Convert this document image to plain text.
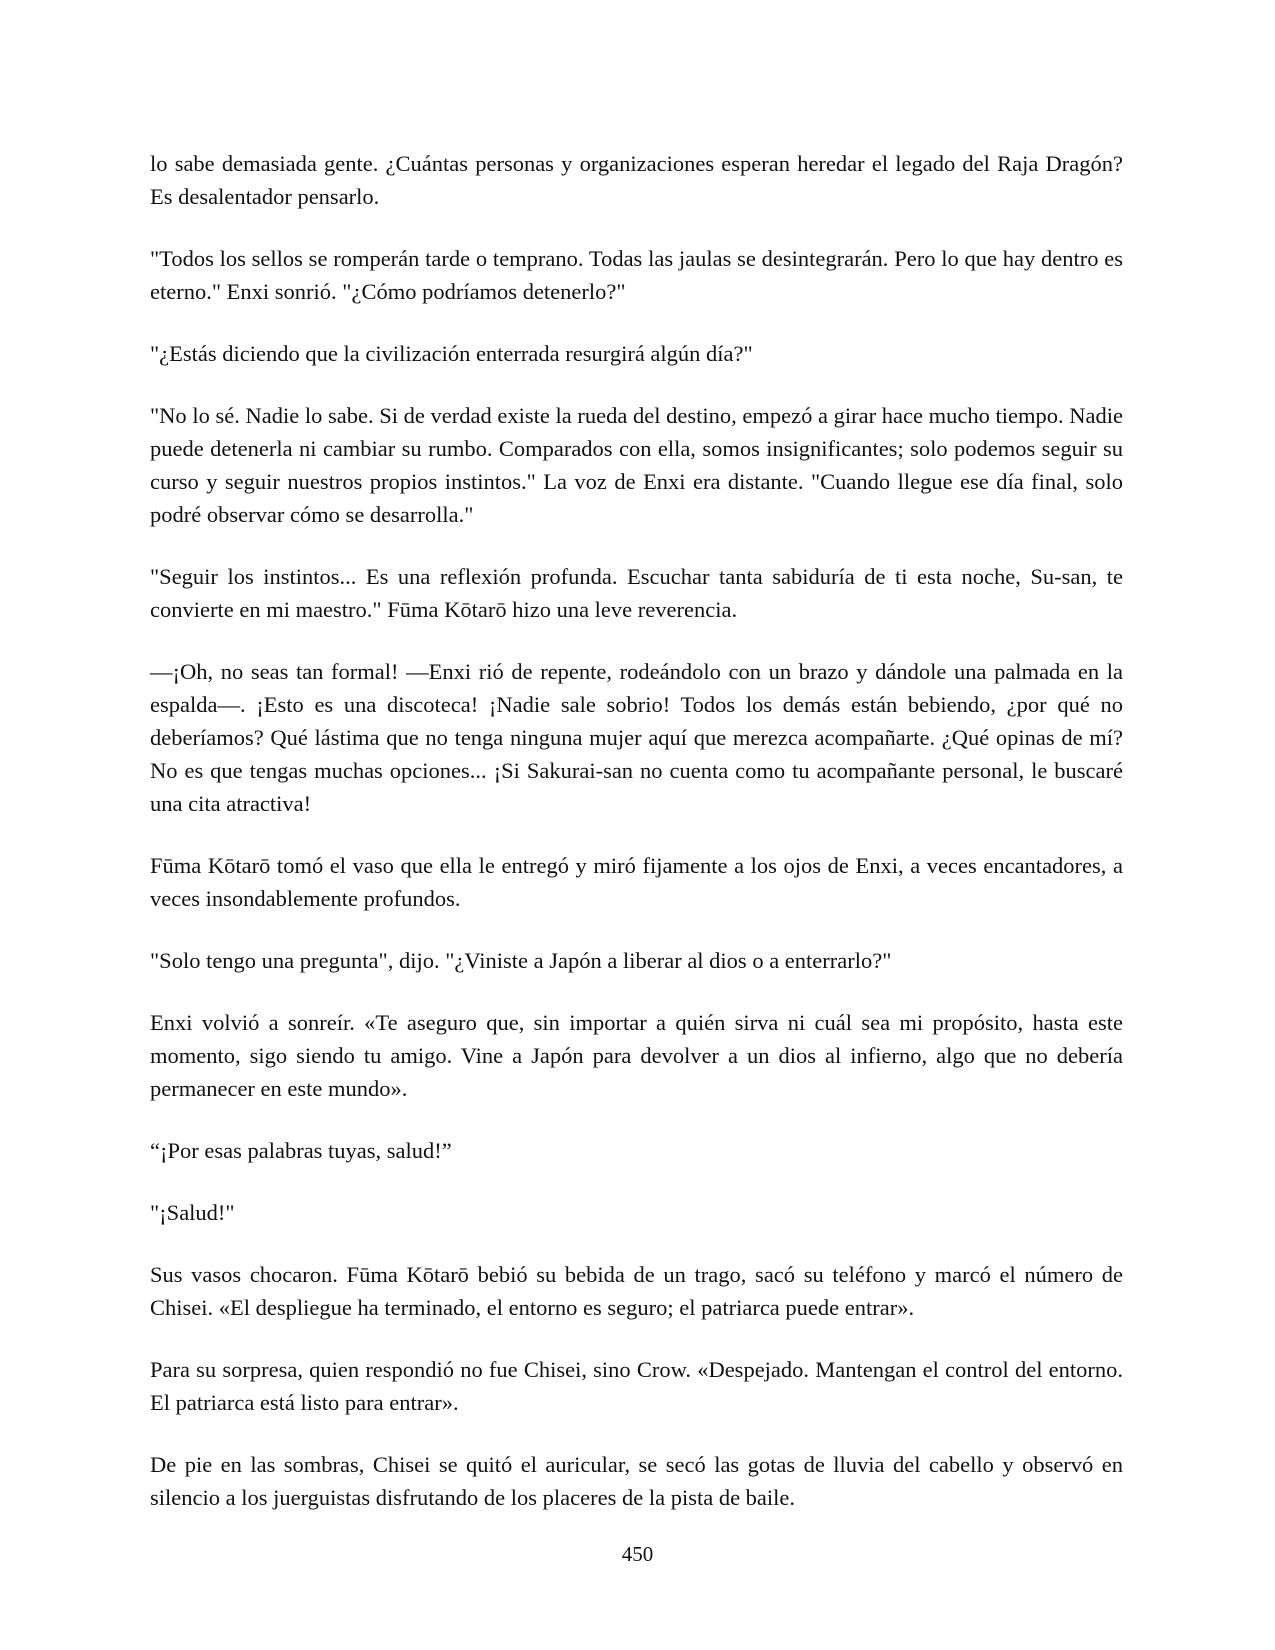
lo sabe demasiada gente. ¿Cuántas personas y organizaciones esperan heredar el legado del Raja Dragón? Es desalentador pensarlo.

"Todos los sellos se romperán tarde o temprano. Todas las jaulas se desintegrarán. Pero lo que hay dentro es eterno." Enxi sonrió. "¿Cómo podríamos detenerlo?"

"¿Estás diciendo que la civilización enterrada resurgirá algún día?"

"No lo sé. Nadie lo sabe. Si de verdad existe la rueda del destino, empezó a girar hace mucho tiempo. Nadie puede detenerla ni cambiar su rumbo. Comparados con ella, somos insignificantes; solo podemos seguir su curso y seguir nuestros propios instintos." La voz de Enxi era distante. "Cuando llegue ese día final, solo podré observar cómo se desarrolla."

"Seguir los instintos... Es una reflexión profunda. Escuchar tanta sabiduría de ti esta noche, Su-san, te convierte en mi maestro." Fūma Kōtarō hizo una leve reverencia.

—¡Oh, no seas tan formal! —Enxi rió de repente, rodeándolo con un brazo y dándole una palmada en la espalda—. ¡Esto es una discoteca! ¡Nadie sale sobrio! Todos los demás están bebiendo, ¿por qué no deberíamos? Qué lástima que no tenga ninguna mujer aquí que merezca acompañarte. ¿Qué opinas de mí? No es que tengas muchas opciones... ¡Si Sakurai-san no cuenta como tu acompañante personal, le buscaré una cita atractiva!

Fūma Kōtarō tomó el vaso que ella le entregó y miró fijamente a los ojos de Enxi, a veces encantadores, a veces insondablemente profundos.

"Solo tengo una pregunta", dijo. "¿Viniste a Japón a liberar al dios o a enterrarlo?"

Enxi volvió a sonreír. «Te aseguro que, sin importar a quién sirva ni cuál sea mi propósito, hasta este momento, sigo siendo tu amigo. Vine a Japón para devolver a un dios al infierno, algo que no debería permanecer en este mundo».

“¡Por esas palabras tuyas, salud!”

"¡Salud!"

Sus vasos chocaron. Fūma Kōtarō bebió su bebida de un trago, sacó su teléfono y marcó el número de Chisei. «El despliegue ha terminado, el entorno es seguro; el patriarca puede entrar».

Para su sorpresa, quien respondió no fue Chisei, sino Crow. «Despejado. Mantengan el control del entorno. El patriarca está listo para entrar».

De pie en las sombras, Chisei se quitó el auricular, se secó las gotas de lluvia del cabello y observó en silencio a los juerguistas disfrutando de los placeres de la pista de baile.

450
